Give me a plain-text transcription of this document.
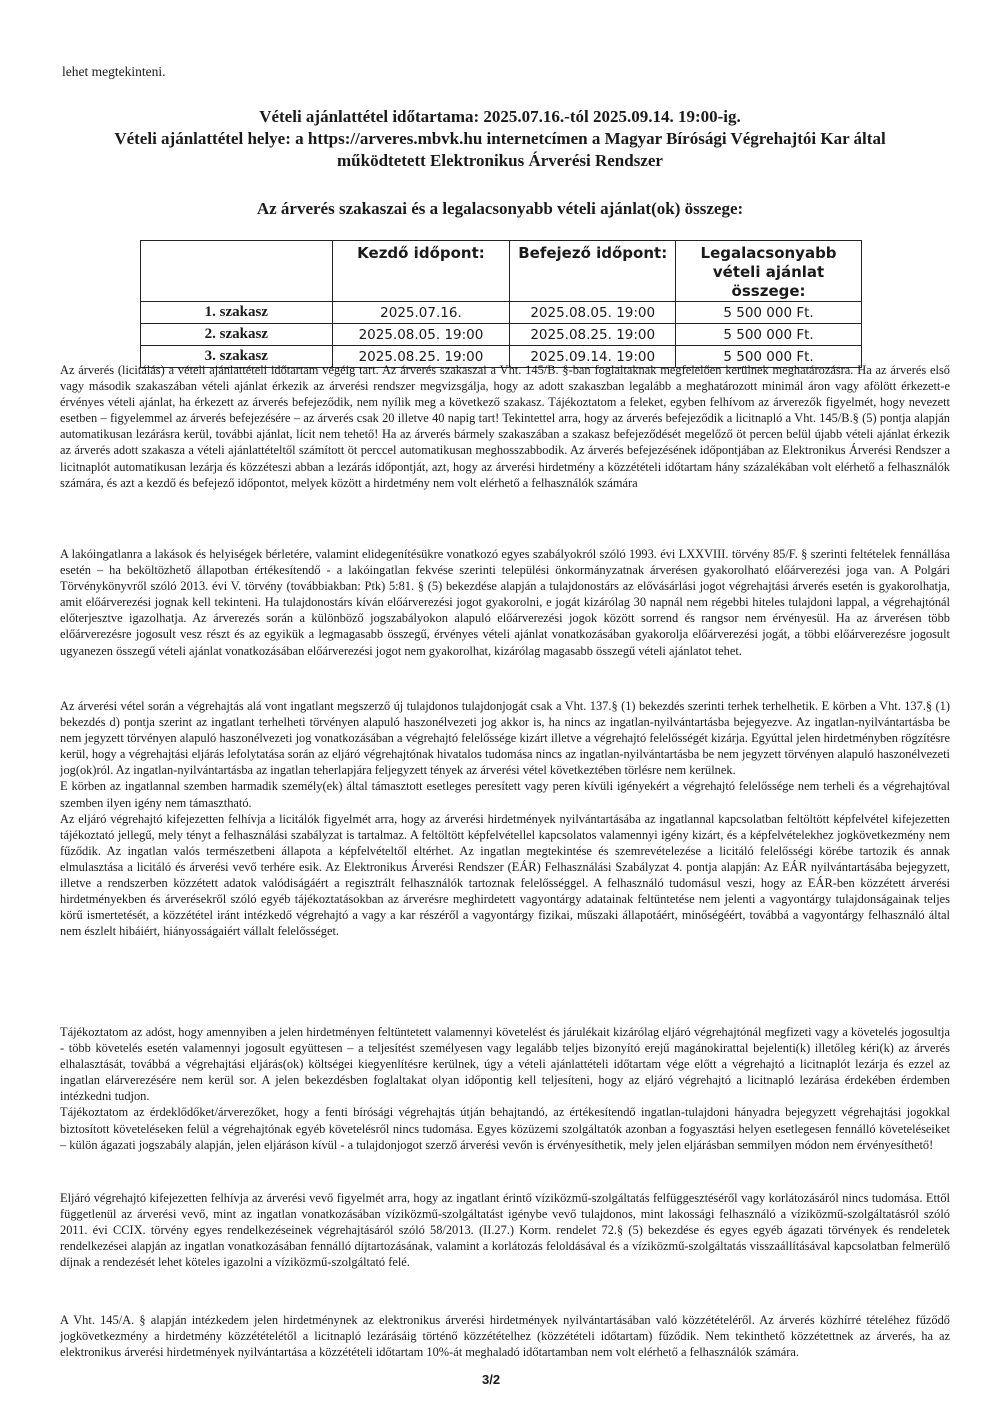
lehet megtekinteni.
Vételi ajánlattétel időtartama: 2025.07.16.-tól 2025.09.14. 19:00-ig.
Vételi ajánlattétel helye: a https://arveres.mbvk.hu internetcímen a Magyar Bírósági Végrehajtói Kar által
működtetett Elektronikus Árverési Rendszer
Az árverés szakaszai és a legalacsonyabb vételi ajánlat(ok) összege:
	Kezdő időpont:	Befejező időpont:	Legalacsonyabb vételi ajánlat összege:
1. szakasz	2025.07.16.	2025.08.05. 19:00	5 500 000 Ft.
2. szakasz	2025.08.05. 19:00	2025.08.25. 19:00	5 500 000 Ft.
3. szakasz	2025.08.25. 19:00	2025.09.14. 19:00	5 500 000 Ft.

Az árverés (licitálás) a vételi ajánlattételi időtartam végéig tart. Az árverés szakaszai a Vht. 145/B. §-ban foglaltaknak megfelelően kerülnek meghatározásra. Ha az árverés első vagy második szakaszában vételi ajánlat érkezik az árverési rendszer megvizsgálja, hogy az adott szakaszban legalább a meghatározott minimál áron vagy afölött érkezett-e érvényes vételi ajánlat, ha érkezett az árverés befejeződik, nem nyílik meg a következő szakasz. Tájékoztatom a feleket, egyben felhívom az árverezők figyelmét, hogy nevezett esetben – figyelemmel az árverés befejezésére – az árverés csak 20 illetve 40 napig tart! Tekintettel arra, hogy az árverés befejeződik a licitnapló a Vht. 145/B.§ (5) pontja alapján automatikusan lezárásra kerül, további ajánlat, licit nem tehető! Ha az árverés bármely szakaszában a szakasz befejeződését megelőző öt percen belül újabb vételi ajánlat érkezik az árverés adott szakasza a vételi ajánlattételtől számított öt perccel automatikusan meghosszabbodik. Az árverés befejezésének időpontjában az Elektronikus Árverési Rendszer a licitnaplót automatikusan lezárja és közzéteszi abban a lezárás időpontját, azt, hogy az árverési hirdetmény a közzétételi időtartam hány százalékában volt elérhető a felhasználók számára, és azt a kezdő és befejező időpontot, melyek között a hirdetmény nem volt elérhető a felhasználók számára

A lakóingatlanra a lakások és helyiségek bérletére, valamint elidegenítésükre vonatkozó egyes szabályokról szóló 1993. évi LXXVIII. törvény 85/F. § szerinti feltételek fennállása esetén – ha beköltözhető állapotban értékesítendő - a lakóingatlan fekvése szerinti települési önkormányzatnak árverésen gyakorolható előárverezési joga van. A Polgári Törvénykönyvről szóló 2013. évi V. törvény (továbbiakban: Ptk) 5:81. § (5) bekezdése alapján a tulajdonostárs az elővásárlási jogot végrehajtási árverés esetén is gyakorolhatja, amit előárverezési jognak kell tekinteni. Ha tulajdonostárs kíván előárverezési jogot gyakorolni, e jogát kizárólag 30 napnál nem régebbi hiteles tulajdoni lappal, a végrehajtónál előterjesztve igazolhatja. Az árverezés során a különböző jogszabályokon alapuló előárverezési jogok között sorrend és rangsor nem érvényesül. Ha az árverésen több előárverezésre jogosult vesz részt és az egyikük a legmagasabb összegű, érvényes vételi ajánlat vonatkozásában gyakorolja előárverezési jogát, a többi előárverezésre jogosult ugyanezen összegű vételi ajánlat vonatkozásában előárverezési jogot nem gyakorolhat, kizárólag magasabb összegű vételi ajánlatot tehet.

Az árverési vétel során a végrehajtás alá vont ingatlant megszerző új tulajdonos tulajdonjogát csak a Vht. 137.§ (1) bekezdés szerinti terhek terhelhetik. E körben a Vht. 137.§ (1) bekezdés d) pontja szerint az ingatlant terhelheti törvényen alapuló haszonélvezeti jog akkor is, ha nincs az ingatlan-nyilvántartásba bejegyezve. Az ingatlan-nyilvántartásba be nem jegyzett törvényen alapuló haszonélvezeti jog vonatkozásában a végrehajtó felelőssége kizárt illetve a végrehajtó felelősségét kizárja. Egyúttal jelen hirdetményben rögzítésre kerül, hogy a végrehajtási eljárás lefolytatása során az eljáró végrehajtónak hivatalos tudomása nincs az ingatlan-nyilvántartásba be nem jegyzett törvényen alapuló haszonélvezeti jog(ok)ról. Az ingatlan-nyilvántartásba az ingatlan teherlapjára feljegyzett tények az árverési vétel következtében törlésre nem kerülnek.

E körben az ingatlannal szemben harmadik személy(ek) által támasztott esetleges peresített vagy peren kívüli igényekért a végrehajtó felelőssége nem terheli és a végrehajtóval szemben ilyen igény nem támasztható.

Az eljáró végrehajtó kifejezetten felhívja a licitálók figyelmét arra, hogy az árverési hirdetmények nyilvántartásába az ingatlannal kapcsolatban feltöltött képfelvétel kifejezetten tájékoztató jellegű, mely tényt a felhasználási szabályzat is tartalmaz. A feltöltött képfelvétellel kapcsolatos valamennyi igény kizárt, és a képfelvételekhez jogkövetkezmény nem fűződik. Az ingatlan valós természetbeni állapota a képfelvételtől eltérhet. Az ingatlan megtekintése és szemrevételezése a licitáló felelősségi körébe tartozik és annak elmulasztása a licitáló és árverési vevő terhére esik. Az Elektronikus Árverési Rendszer (EÁR) Felhasználási Szabályzat 4. pontja alapján: Az EÁR nyilvántartásába bejegyzett, illetve a rendszerben közzétett adatok valódiságáért a regisztrált felhasználók tartoznak felelősséggel. A felhasználó tudomásul veszi, hogy az EÁR-ben közzétett árverési hirdetményekben és árverésekről szóló egyéb tájékoztatásokban az árverésre meghirdetett vagyontárgy adatainak feltüntetése nem jelenti a vagyontárgy tulajdonságainak teljes körű ismertetését, a közzététel iránt intézkedő végrehajtó a vagy a kar részéről a vagyontárgy fizikai, műszaki állapotáért, minőségéért, továbbá a vagyontárgy felhasználó által nem észlelt hibáiért, hiányosságaiért vállalt felelősséget.

Tájékoztatom az adóst, hogy amennyiben a jelen hirdetményen feltüntetett valamennyi követelést és járulékait kizárólag eljáró végrehajtónál megfizeti vagy a követelés jogosultja - több követelés esetén valamennyi jogosult együttesen – a teljesítést személyesen vagy legalább teljes bizonyító erejű magánokirattal bejelenti(k) illetőleg kéri(k) az árverés elhalasztását, továbbá a végrehajtási eljárás(ok) költségei kiegyenlítésre kerülnek, úgy a vételi ajánlattételi időtartam vége előtt a végrehajtó a licitnaplót lezárja és ezzel az ingatlan elárverezésére nem kerül sor. A jelen bekezdésben foglaltakat olyan időpontig kell teljesíteni, hogy az eljáró végrehajtó a licitnapló lezárása érdekében érdemben intézkedni tudjon.

Tájékoztatom az érdeklődőket/árverezőket, hogy a fenti bírósági végrehajtás útján behajtandó, az értékesítendő ingatlan-tulajdoni hányadra bejegyzett végrehajtási jogokkal biztosított követeléseken felül a végrehajtónak egyéb követelésről nincs tudomása. Egyes közüzemi szolgáltatók azonban a fogyasztási helyen esetlegesen fennálló követeléseiket – külön ágazati jogszabály alapján, jelen eljáráson kívül - a tulajdonjogot szerző árverési vevőn is érvényesíthetik, mely jelen eljárásban semmilyen módon nem érvényesíthető!

Eljáró végrehajtó kifejezetten felhívja az árverési vevő figyelmét arra, hogy az ingatlant érintő víziközmű-szolgáltatás felfüggesztéséről vagy korlátozásáról nincs tudomása. Ettől függetlenül az árverési vevő, mint az ingatlan vonatkozásában víziközmű-szolgáltatást igénybe vevő tulajdonos, mint lakossági felhasználó a víziközmű-szolgáltatásról szóló 2011. évi CCIX. törvény egyes rendelkezéseinek végrehajtásáról szóló 58/2013. (II.27.) Korm. rendelet 72.§ (5) bekezdése és egyes egyéb ágazati törvények és rendeletek rendelkezései alapján az ingatlan vonatkozásában fennálló díjtartozásának, valamint a korlátozás feloldásával és a víziközmű-szolgáltatás visszaállításával kapcsolatban felmerülő díjnak a rendezését lehet köteles igazolni a víziközmű-szolgáltató felé.

A Vht. 145/A. § alapján intézkedem jelen hirdetménynek az elektronikus árverési hirdetmények nyilvántartásában való közzétételéről. Az árverés közhírré tételéhez fűződő jogkövetkezmény a hirdetmény közzétételétől a licitnapló lezárásáig történő közzétételhez (közzétételi időtartam) fűződik. Nem tekinthető közzétettnek az árverés, ha az elektronikus árverési hirdetmények nyilvántartása a közzétételi időtartam 10%-át meghaladó időtartamban nem volt elérhető a felhasználók számára.

3/2
